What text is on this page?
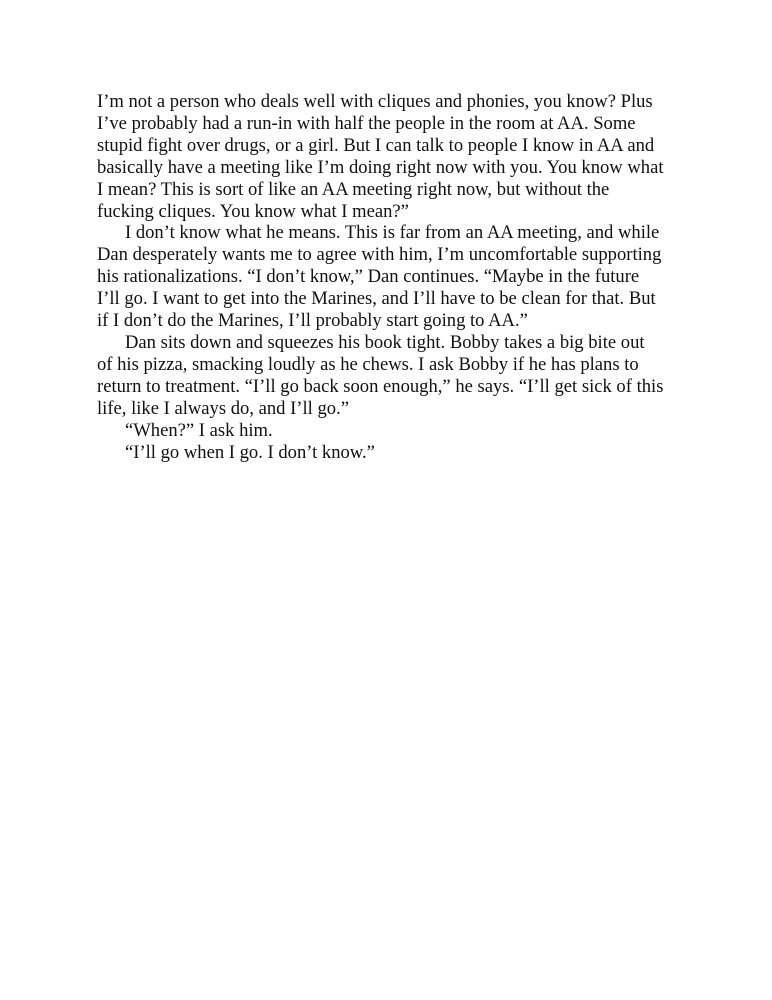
I’m not a person who deals well with cliques and phonies, you know? Plus
I’ve probably had a run-in with half the people in the room at AA. Some
stupid fight over drugs, or a girl. But I can talk to people I know in AA and
basically have a meeting like I’m doing right now with you. You know what
I mean? This is sort of like an AA meeting right now, but without the
fucking cliques. You know what I mean?”
I don’t know what he means. This is far from an AA meeting, and while
Dan desperately wants me to agree with him, I’m uncomfortable supporting
his rationalizations. “I don’t know,” Dan continues. “Maybe in the future
I’ll go. I want to get into the Marines, and I’ll have to be clean for that. But
if I don’t do the Marines, I’ll probably start going to AA.”
Dan sits down and squeezes his book tight. Bobby takes a big bite out
of his pizza, smacking loudly as he chews. I ask Bobby if he has plans to
return to treatment. “I’ll go back soon enough,” he says. “I’ll get sick of this
life, like I always do, and I’ll go.”
“When?” I ask him.
“I’ll go when I go. I don’t know.”
